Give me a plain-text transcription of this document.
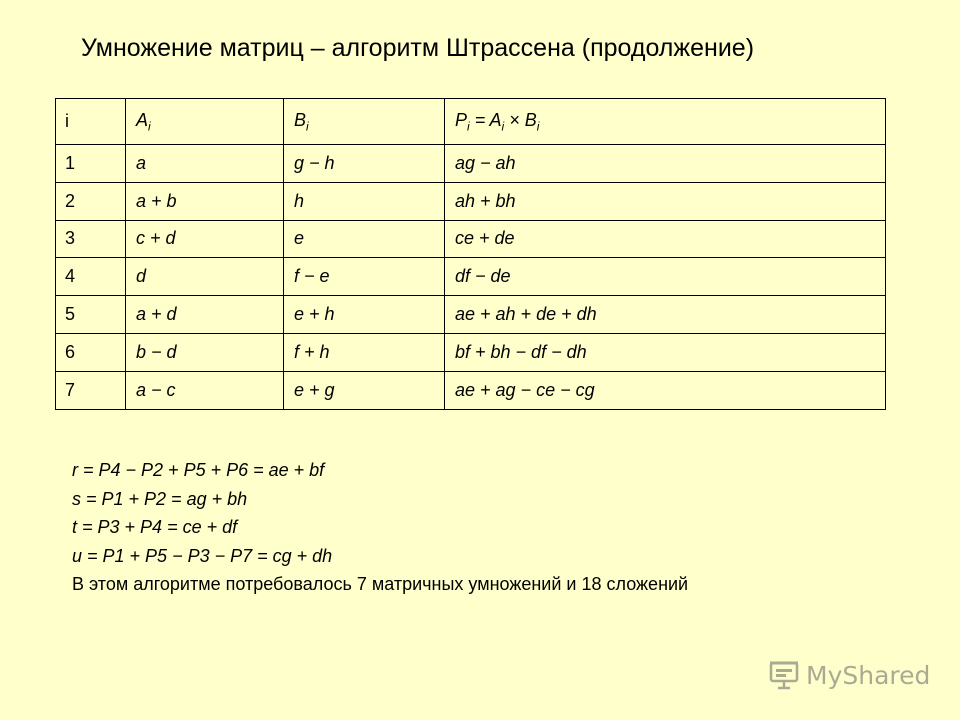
Умножение матриц – алгоритм Штрассена (продолжение)
i	$A_i$	$B_i$	$P_i = A_i \times B_i$
1	a	g − h	ag − ah
2	a + b	h	ah + bh
3	c + d	e	ce + de
4	d	f − e	df − de
5	a + d	e + h	ae + ah + de + dh
6	b − d	f + h	bf + bh − df − dh
7	a − c	e + g	ae + ag − ce − cg
r = P4 − P2 + P5 + P6 = ae + bf
s = P1 + P2 = ag + bh
t = P3 + P4 = ce + df
u = P1 + P5 − P3 − P7 = cg + dh
В этом алгоритме потребовалось 7 матричных умножений и 18 сложений
MyShared
